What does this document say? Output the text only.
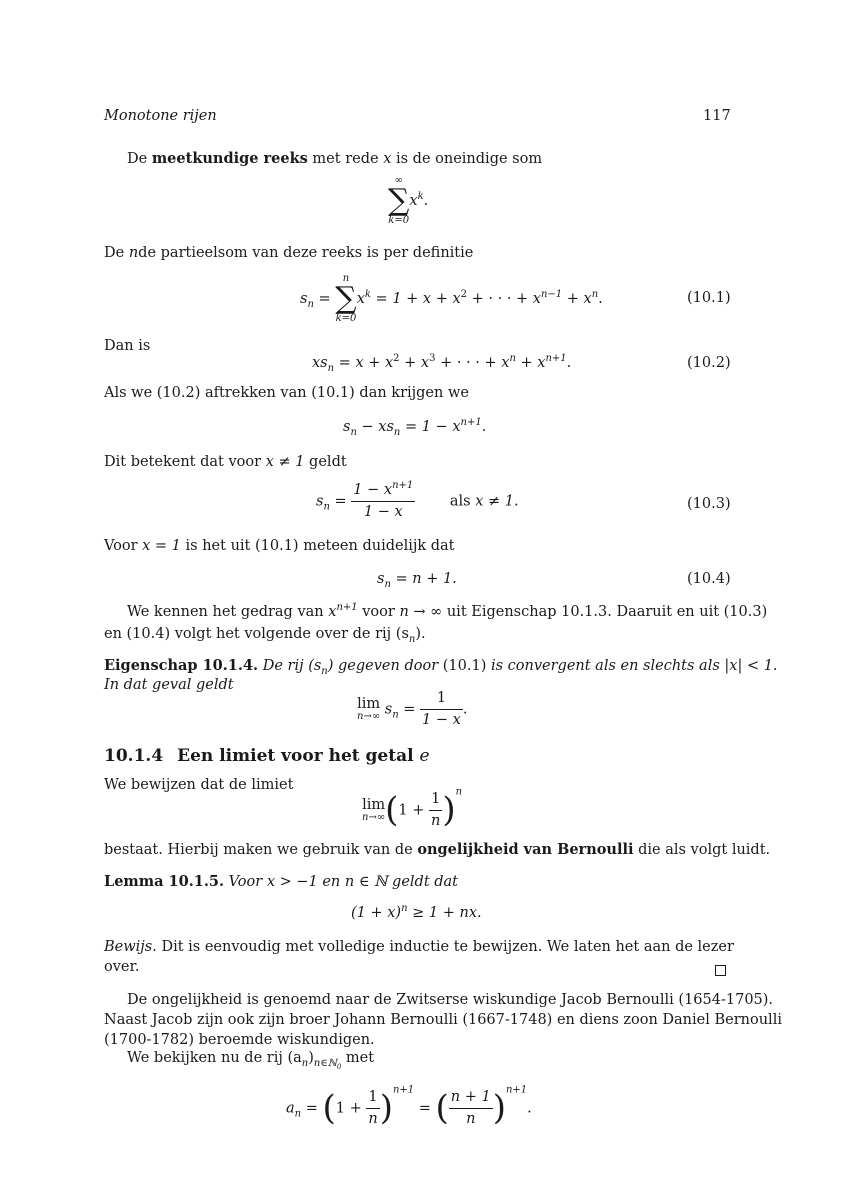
Monotone rijen	117
De meetkundige reeks met rede x is de oneindige som
∞
∑
k=0
$x^k$.
De nde partieelsom van deze reeks is per definitie
$s_n$ =
n
∑
k=0
$x^k = 1 + x + x^2$ + · · · + $x^{n-1} + x^n$.	(10.1)
Dan is
$xs_n = x + x^2 + x^3$ + · · · + $x^n + x^{n+1}$.	(10.2)
Als we (10.2) aftrekken van (10.1) dan krijgen we
$s_n - xs_n = 1 - x^{n+1}$.
Dit betekent dat voor x ≠ 1 geldt
$s_n = \frac{1 - x^{n+1}}{1 - x}$ als x ≠ 1.	(10.3)
Voor x = 1 is het uit (10.1) meteen duidelijk dat
$s_n = n + 1$.	(10.4)
We kennen het gedrag van $x^{n+1}$ voor n → ∞ uit Eigenschap 10.1.3. Daaruit en uit (10.3)
en (10.4) volgt het volgende over de rij $(s_n)$.
Eigenschap 10.1.4. De rij $(s_n)$ gegeven door (10.1) is convergent als en slechts als |x| < 1.
In dat geval geldt
lim
n→∞ $s_n = \frac{1}{1 - x}$ .
10.1.4 Een limiet voor het getal e
We bewijzen dat de limiet
lim
n→∞ $(1 + \frac{1}{n} )^n$
bestaat. Hierbij maken we gebruik van de ongelijkheid van Bernoulli die als volgt luidt.
Lemma 10.1.5. Voor x > −1 en n ∈ ℕ geldt dat
$(1 + x)^n \ge 1$ + nx.
Bewijs. Dit is eenvoudig met volledige inductie te bewijzen. We laten het aan de lezer
over.
De ongelijkheid is genoemd naar de Zwitserse wiskundige Jacob Bernoulli (1654-1705).
Naast Jacob zijn ook zijn broer Johann Bernoulli (1667-1748) en diens zoon Daniel Bernoulli
(1700-1782) beroemde wiskundigen.
We bekijken nu de rij $(a_n)_{n\in ℕ_0}$ met
$a_n = (1 + \frac{1}{n} )^{n+1}$ = ( $\frac{n + 1}{n} )^{n+1}$.
